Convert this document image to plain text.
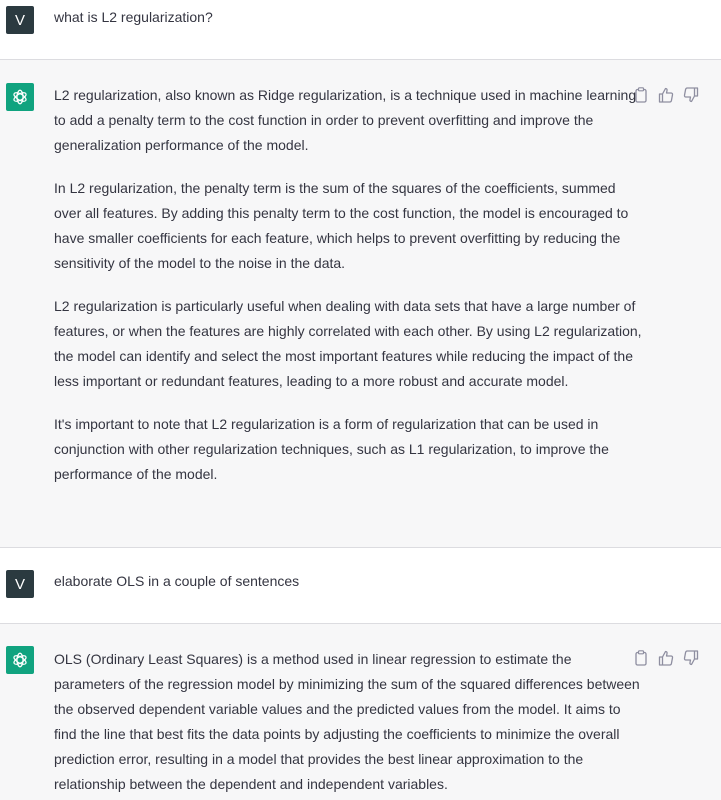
V what is L2 regularization?

L2 regularization, also known as Ridge regularization, is a technique used in machine learning to add a penalty term to the cost function in order to prevent overfitting and improve the generalization performance of the model.

In L2 regularization, the penalty term is the sum of the squares of the coefficients, summed over all features. By adding this penalty term to the cost function, the model is encouraged to have smaller coefficients for each feature, which helps to prevent overfitting by reducing the sensitivity of the model to the noise in the data.

L2 regularization is particularly useful when dealing with data sets that have a large number of features, or when the features are highly correlated with each other. By using L2 regularization, the model can identify and select the most important features while reducing the impact of the less important or redundant features, leading to a more robust and accurate model.

It's important to note that L2 regularization is a form of regularization that can be used in conjunction with other regularization techniques, such as L1 regularization, to improve the performance of the model.

V elaborate OLS in a couple of sentences

OLS (Ordinary Least Squares) is a method used in linear regression to estimate the parameters of the regression model by minimizing the sum of the squared differences between the observed dependent variable values and the predicted values from the model. It aims to find the line that best fits the data points by adjusting the coefficients to minimize the overall prediction error, resulting in a model that provides the best linear approximation to the relationship between the dependent and independent variables.
